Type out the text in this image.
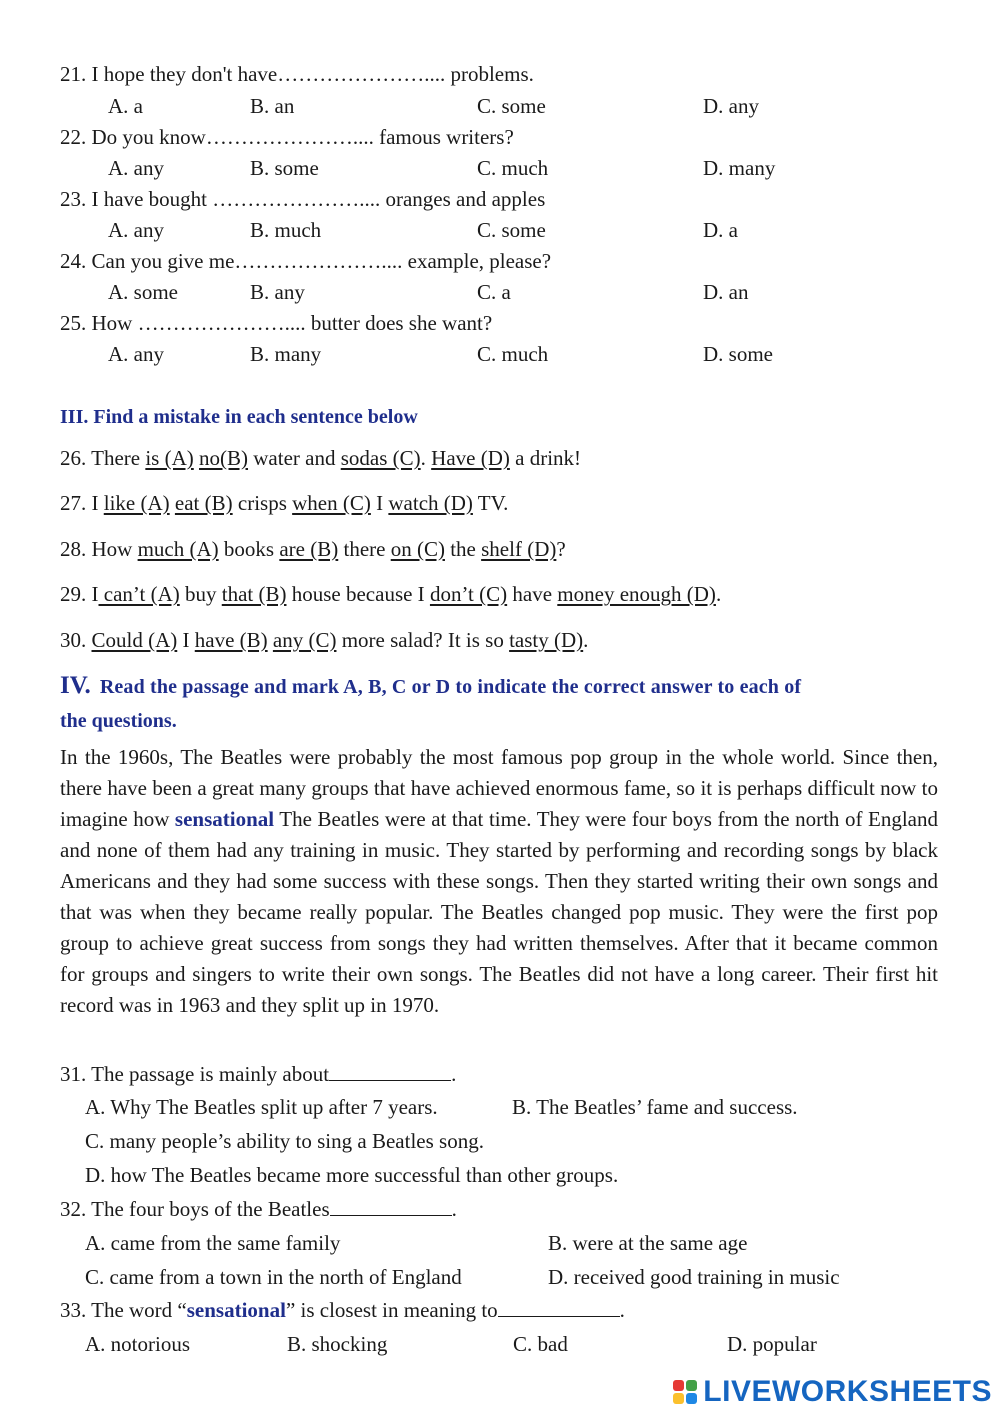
21. I hope they don't have………………….... problems.
A. a	B. an	C. some	D. any
22. Do you know………………….... famous writers?
A. any	B. some	C. much	D. many
23. I have bought ………………….... oranges and apples
A. any	B. much	C. some	D. a
24. Can you give me………………….... example, please?
A. some	B. any	C. a	D. an
25. How ………………….... butter does she want?
A. any	B. many	C. much	D. some
III. Find a mistake in each sentence below
26. There is (A) no(B) water and sodas (C). Have (D) a drink!
27. I like (A) eat (B) crisps when (C) I watch (D) TV.
28. How much (A) books are (B) there on (C) the shelf (D)?
29. I can’t (A) buy that (B) house because I don’t (C) have money enough (D).
30. Could (A) I have (B) any (C) more salad? It is so tasty (D).
IV. Read the passage and mark A, B, C or D to indicate the correct answer to each of
the questions.

In the 1960s, The Beatles were probably the most famous pop group in the whole world. Since then, there have been a great many groups that have achieved enormous fame, so it is perhaps difficult now to imagine how sensational The Beatles were at that time. They were four boys from the north of England and none of them had any training in music. They started by performing and recording songs by black Americans and they had some success with these songs. Then they started writing their own songs and that was when they became really popular. The Beatles changed pop music. They were the first pop group to achieve great success from songs they had written themselves. After that it became common for groups and singers to write their own songs. The Beatles did not have a long career. Their first hit record was in 1963 and they split up in 1970.

31. The passage is mainly about	.
A. Why The Beatles split up after 7 years.	B. The Beatles’ fame and success.
C. many people’s ability to sing a Beatles song.
D. how The Beatles became more successful than other groups.
32. The four boys of the Beatles	.
A. came from the same family	B. were at the same age
C. came from a town in the north of England	D. received good training in music
33. The word “sensational” is closest in meaning to	.
A. notorious	B. shocking	C. bad	D. popular
LIVEWORKSHEETS
